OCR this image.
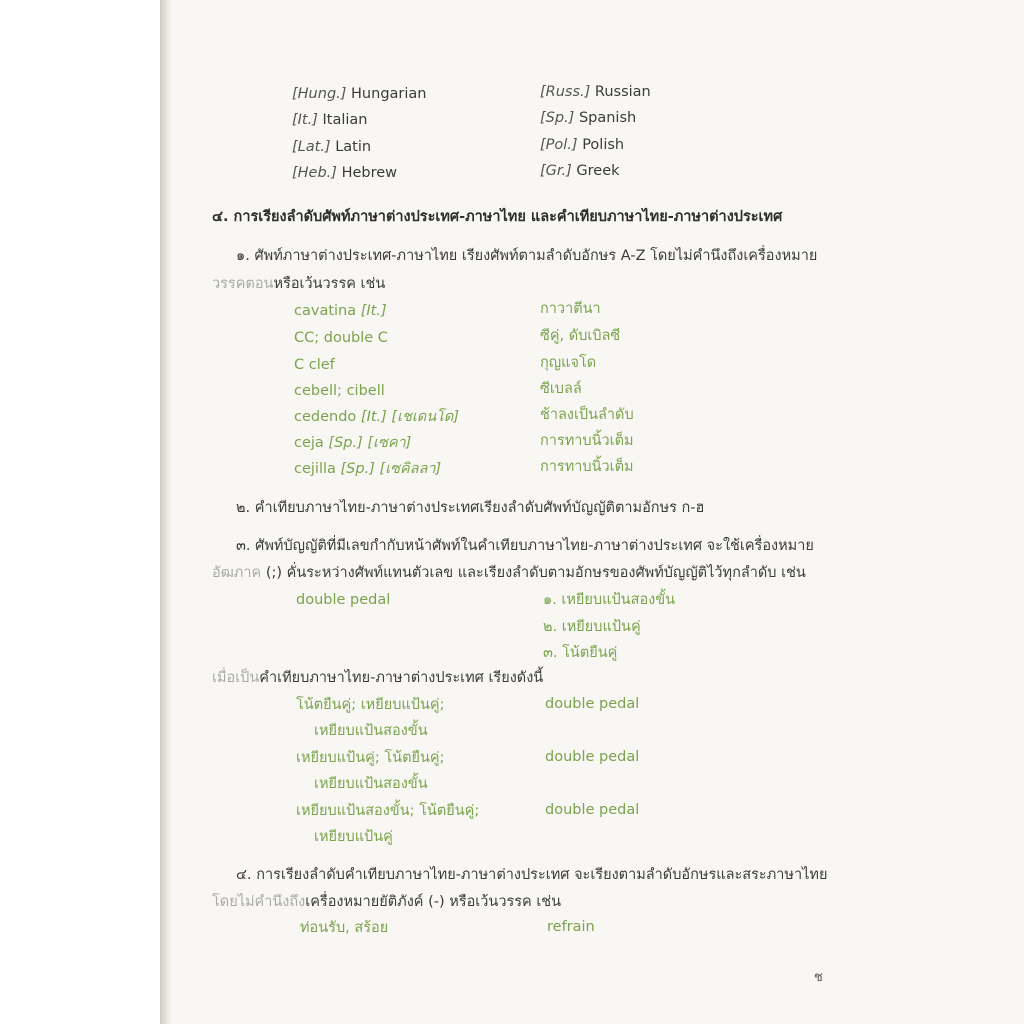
[Hung.] Hungarian	[Russ.] Russian
[It.] Italian	[Sp.] Spanish
[Lat.] Latin	[Pol.] Polish
[Heb.] Hebrew	[Gr.] Greek
๔. การเรียงลำดับศัพท์ภาษาต่างประเทศ-ภาษาไทย และคำเทียบภาษาไทย-ภาษาต่างประเทศ
๑. ศัพท์ภาษาต่างประเทศ-ภาษาไทย เรียงศัพท์ตามลำดับอักษร A-Z โดยไม่คำนึงถึงเครื่องหมาย
วรรคตอนหรือเว้นวรรค เช่น
cavatina [It.]	กาวาตีนา
CC; double C	ซีคู่, ดับเบิลซี
C clef	กุญแจโด
cebell; cibell	ซีเบลล์
cedendo [It.] [เชเดนโด]	ช้าลงเป็นลำดับ
ceja [Sp.] [เซคา]	การทาบนิ้วเต็ม
cejilla [Sp.] [เซคิลลา]	การทาบนิ้วเต็ม
๒. คำเทียบภาษาไทย-ภาษาต่างประเทศเรียงลำดับศัพท์บัญญัติตามอักษร ก-ฮ
๓. ศัพท์บัญญัติที่มีเลขกำกับหน้าศัพท์ในคำเทียบภาษาไทย-ภาษาต่างประเทศ จะใช้เครื่องหมาย
อัฒภาค (;) คั่นระหว่างศัพท์แทนตัวเลข และเรียงลำดับตามอักษรของศัพท์บัญญัติไว้ทุกลำดับ เช่น
double pedal	๑. เหยียบแป้นสองขั้น
๒. เหยียบแป้นคู่
๓. โน้ตยืนคู่
เมื่อเป็นคำเทียบภาษาไทย-ภาษาต่างประเทศ เรียงดังนี้
โน้ตยืนคู่; เหยียบแป้นคู่;	double pedal
เหยียบแป้นสองขั้น
เหยียบแป้นคู่; โน้ตยืนคู่;	double pedal
เหยียบแป้นสองขั้น
เหยียบแป้นสองขั้น; โน้ตยืนคู่;	double pedal
เหยียบแป้นคู่
๔. การเรียงลำดับคำเทียบภาษาไทย-ภาษาต่างประเทศ จะเรียงตามลำดับอักษรและสระภาษาไทย
โดยไม่คำนึงถึงเครื่องหมายยัติภังค์ (-) หรือเว้นวรรค เช่น
ท่อนรับ, สร้อย	refrain
ช
